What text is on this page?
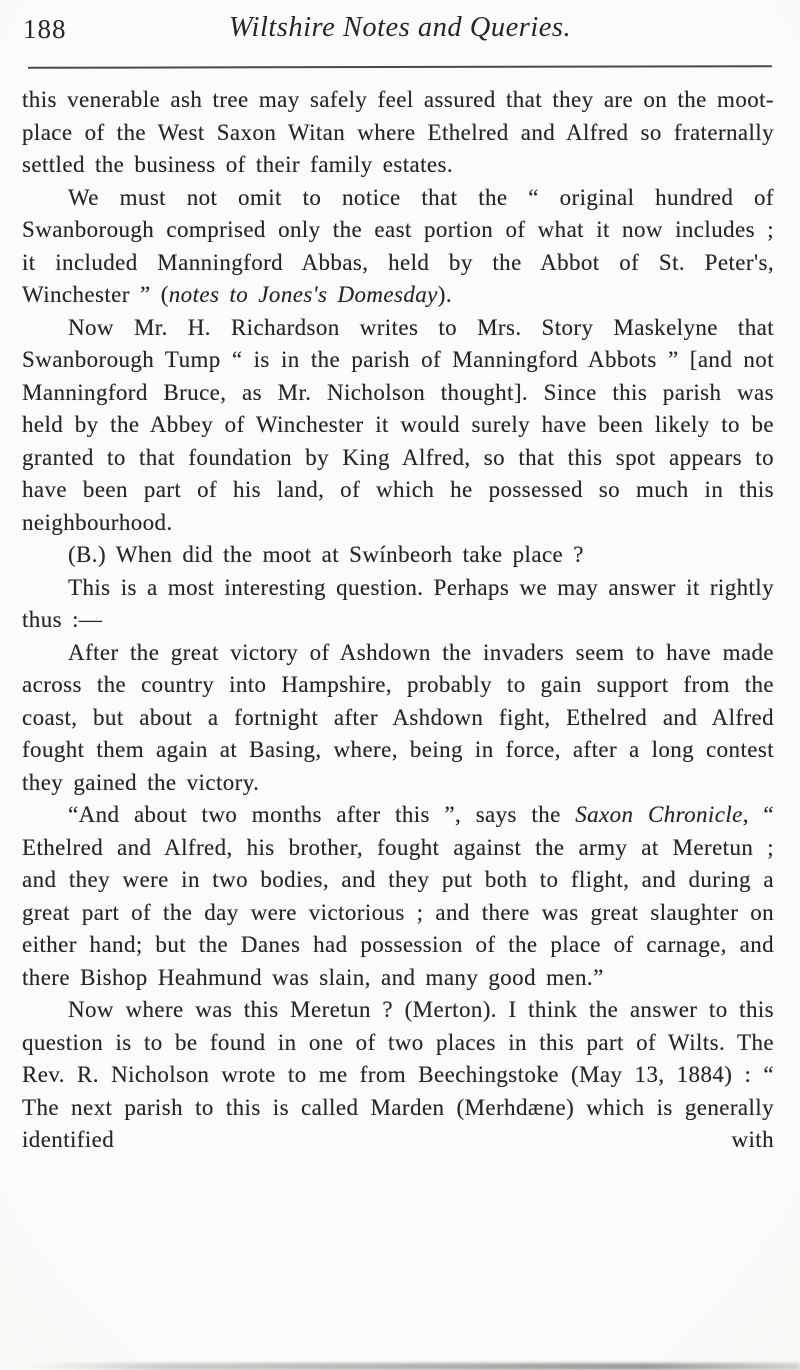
188	Wiltshire Notes and Queries.

this venerable ash tree may safely feel assured that they are on the moot-place of the West Saxon Witan where Ethelred and Alfred so fraternally settled the business of their family estates.

We must not omit to notice that the “ original hundred of Swanborough comprised only the east portion of what it now includes ; it included Manningford Abbas, held by the Abbot of St. Peter's, Winchester ” (notes to Jones's Domesday).

Now Mr. H. Richardson writes to Mrs. Story Maskelyne that Swanborough Tump “ is in the parish of Manningford Abbots ” [and not Manningford Bruce, as Mr. Nicholson thought]. Since this parish was held by the Abbey of Winchester it would surely have been likely to be granted to that foundation by King Alfred, so that this spot appears to have been part of his land, of which he possessed so much in this neighbourhood.

(B.) When did the moot at Swínbeorh take place ?

This is a most interesting question. Perhaps we may answer it rightly thus :—

After the great victory of Ashdown the invaders seem to have made across the country into Hampshire, probably to gain support from the coast, but about a fortnight after Ashdown fight, Ethelred and Alfred fought them again at Basing, where, being in force, after a long contest they gained the victory.

“And about two months after this ”, says the Saxon Chronicle, “ Ethelred and Alfred, his brother, fought against the army at Meretun ; and they were in two bodies, and they put both to flight, and during a great part of the day were victorious ; and there was great slaughter on either hand; but the Danes had possession of the place of carnage, and there Bishop Heahmund was slain, and many good men.”

Now where was this Meretun ? (Merton). I think the answer to this question is to be found in one of two places in this part of Wilts. The Rev. R. Nicholson wrote to me from Beechingstoke (May 13, 1884) : “ The next parish to this is called Marden (Merhdæne) which is generally identified with
